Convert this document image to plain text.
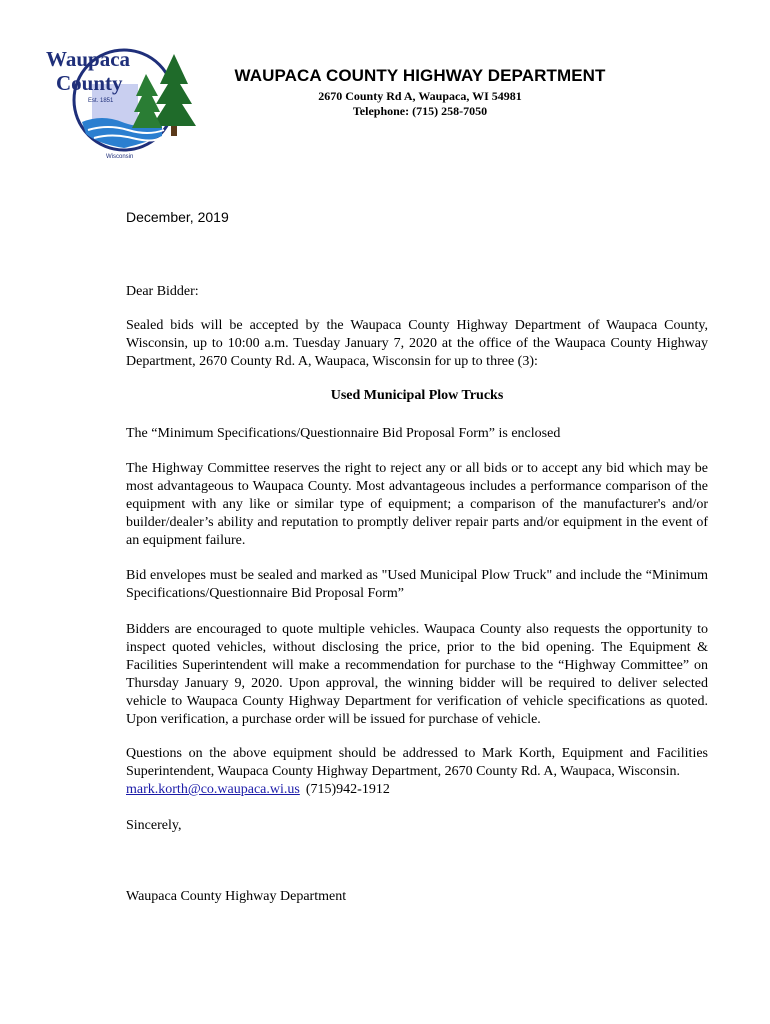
Waupaca
County
Est. 1851
Wisconsin
WAUPACA COUNTY HIGHWAY DEPARTMENT
2670 County Rd A, Waupaca, WI 54981
Telephone: (715) 258-7050
December, 2019
Dear Bidder:
Sealed bids will be accepted by the Waupaca County Highway Department of Waupaca County, Wisconsin, up to 10:00 a.m. Tuesday January 7, 2020 at the office of the Waupaca County Highway Department, 2670 County Rd. A, Waupaca, Wisconsin for up to three (3):
Used Municipal Plow Trucks
The “Minimum Specifications/Questionnaire Bid Proposal Form” is enclosed
The Highway Committee reserves the right to reject any or all bids or to accept any bid which may be most advantageous to Waupaca County. Most advantageous includes a performance comparison of the equipment with any like or similar type of equipment; a comparison of the manufacturer's and/or builder/dealer’s ability and reputation to promptly deliver repair parts and/or equipment in the event of an equipment failure.
Bid envelopes must be sealed and marked as "Used Municipal Plow Truck" and include the “Minimum Specifications/Questionnaire Bid Proposal Form”
Bidders are encouraged to quote multiple vehicles. Waupaca County also requests the opportunity to inspect quoted vehicles, without disclosing the price, prior to the bid opening. The Equipment & Facilities Superintendent will make a recommendation for purchase to the “Highway Committee” on Thursday January 9, 2020. Upon approval, the winning bidder will be required to deliver selected vehicle to Waupaca County Highway Department for verification of vehicle specifications as quoted. Upon verification, a purchase order will be issued for purchase of vehicle.
Questions on the above equipment should be addressed to Mark Korth, Equipment and Facilities Superintendent, Waupaca County Highway Department, 2670 County Rd. A, Waupaca, Wisconsin.
mark.korth@co.waupaca.wi.us (715)942-1912
Sincerely,
Waupaca County Highway Department
